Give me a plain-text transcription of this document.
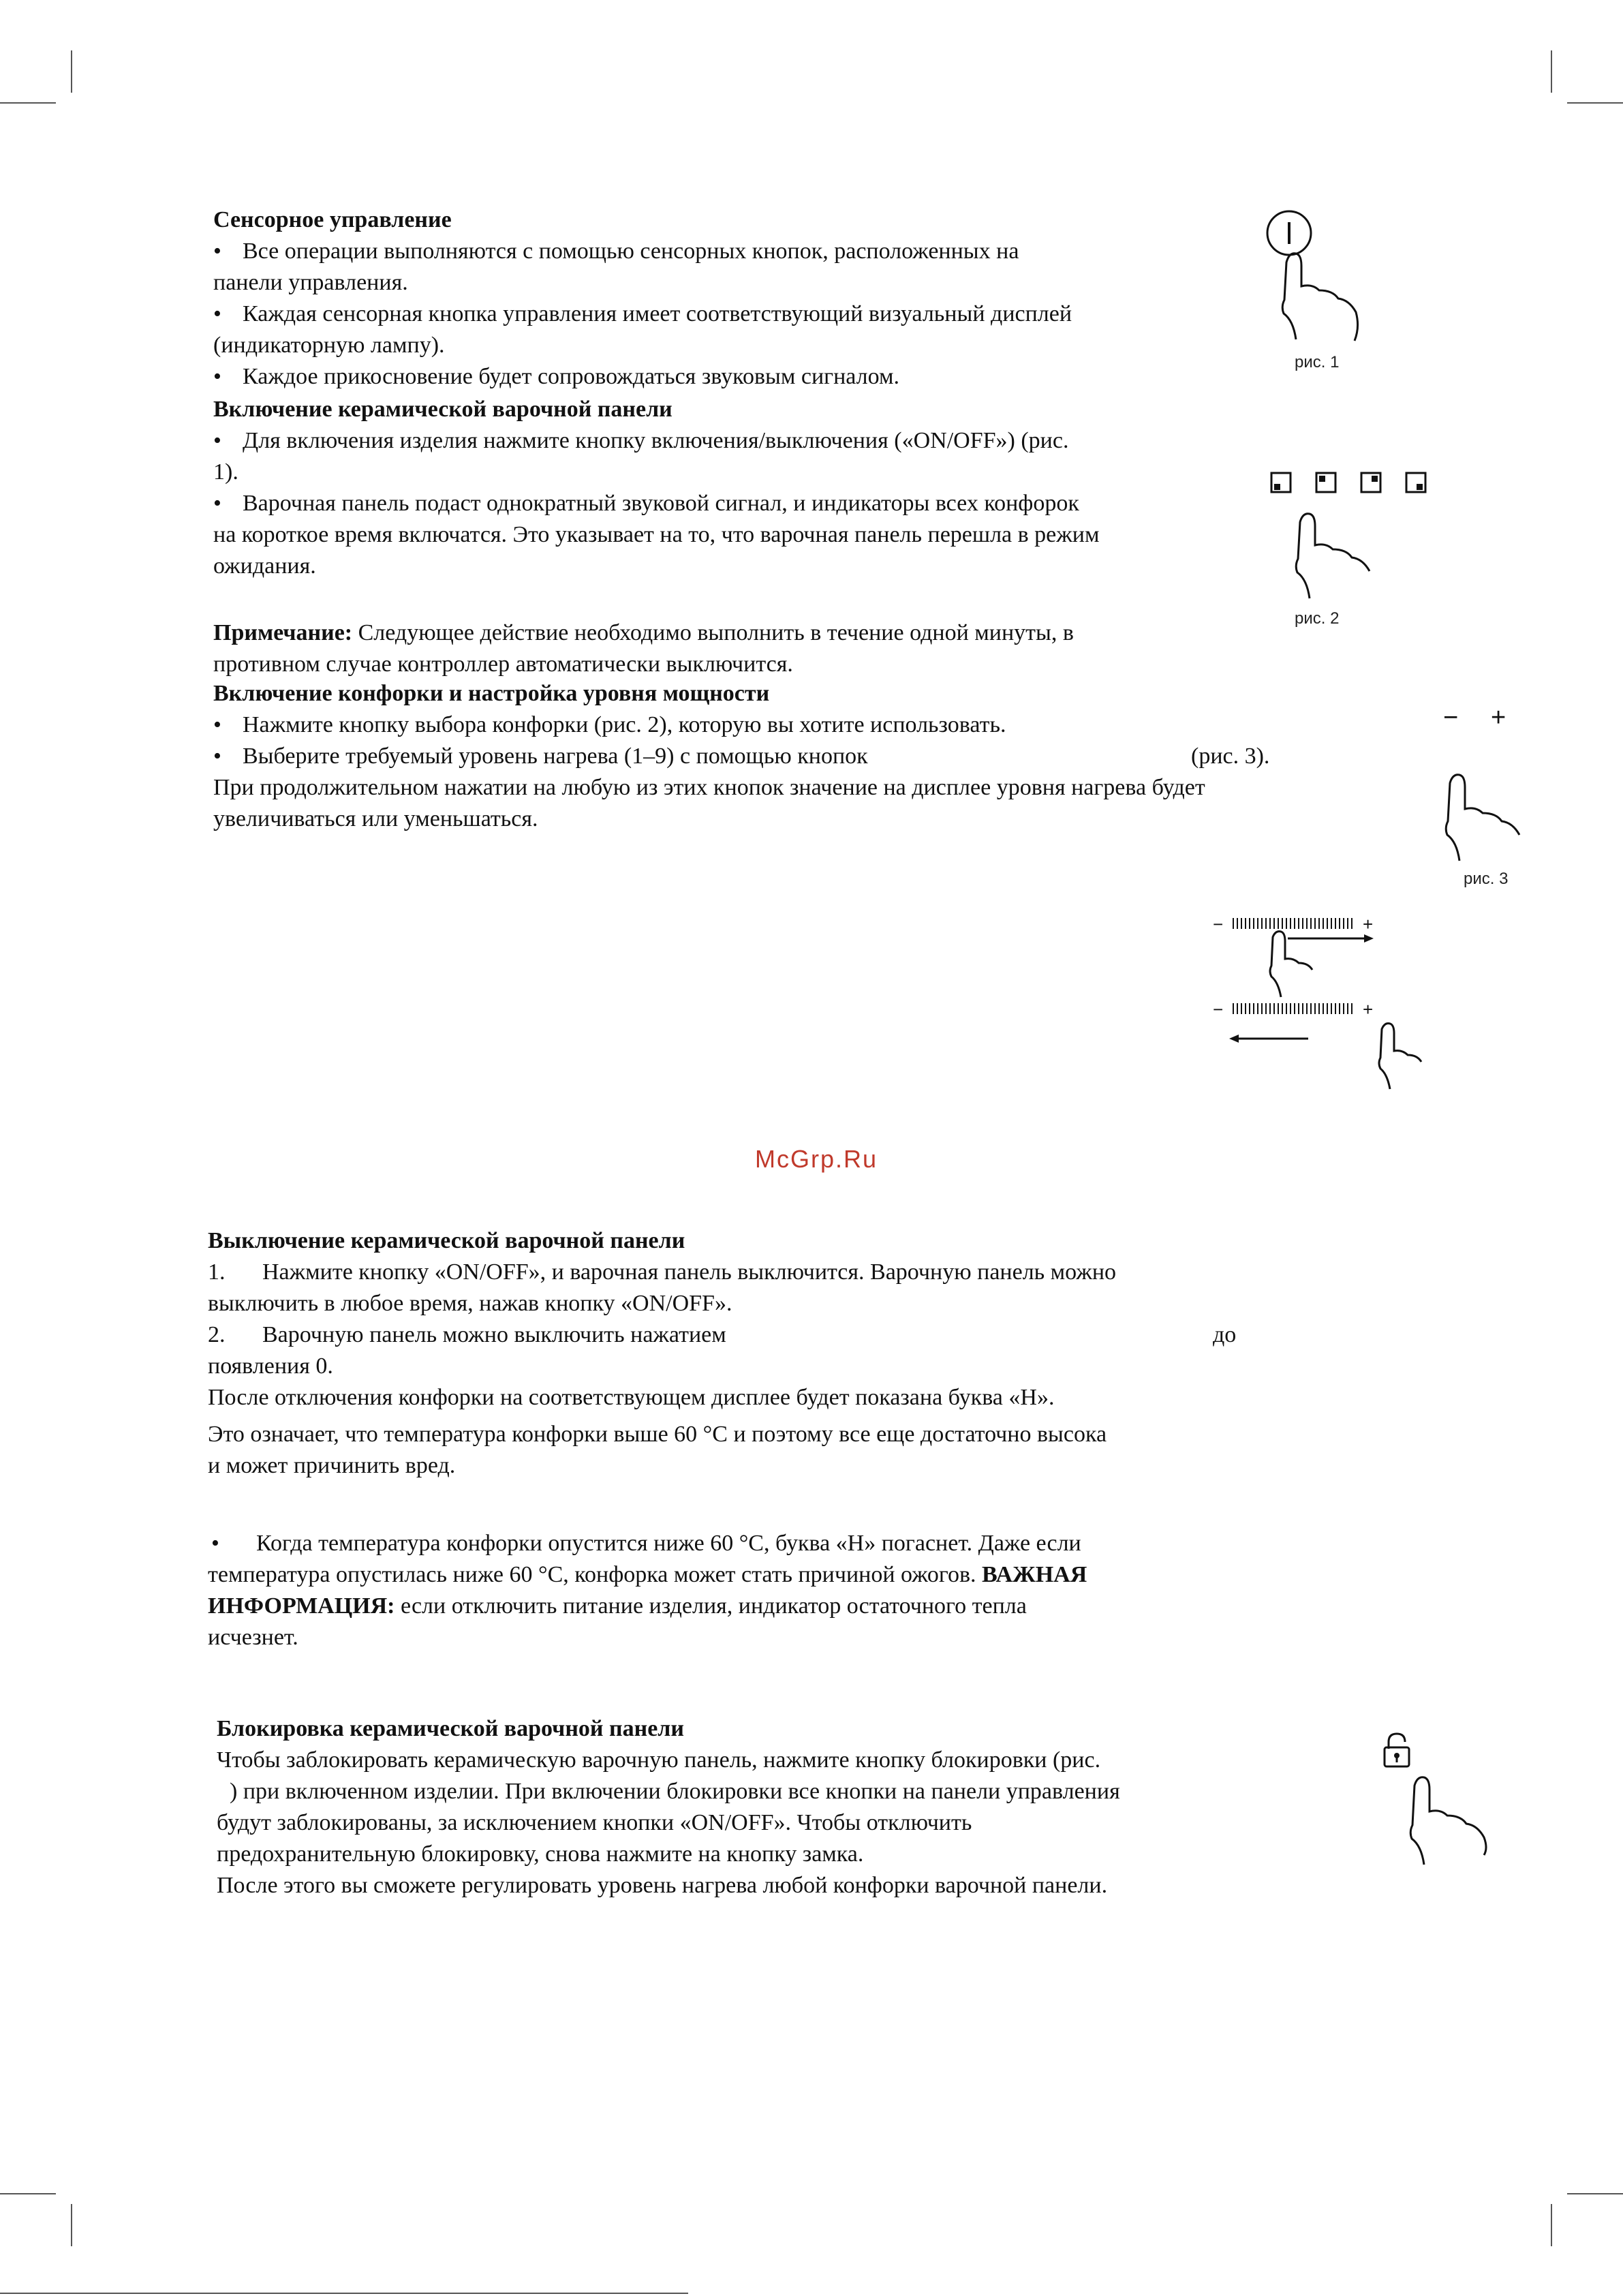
Сенсорное управление
• Все операции выполняются с помощью сенсорных кнопок, расположенных на
панели управления.
• Каждая сенсорная кнопка управления имеет соответствующий визуальный дисплей
(индикаторную лампу).
• Каждое прикосновение будет сопровождаться звуковым сигналом.
Включение керамической варочной панели
• Для включения изделия нажмите кнопку включения/выключения («ON/OFF») (рис.
1).
• Варочная панель подаст однократный звуковой сигнал, и индикаторы всех конфорок
на короткое время включатся. Это указывает на то, что варочная панель перешла в режим
ожидания.
Примечание: Следующее действие необходимо выполнить в течение одной минуты, в
противном случае контроллер автоматически выключится.
Включение конфорки и настройка уровня мощности
• Нажмите кнопку выбора конфорки (рис. 2), которую вы хотите использовать.
• Выберите требуемый уровень нагрева (1–9) с помощью кнопок	(рис. 3).
При продолжительном нажатии на любую из этих кнопок значение на дисплее уровня нагрева будет
увеличиваться или уменьшаться.
McGrp.Ru
Выключение керамической варочной панели
1. Нажмите кнопку «ON/OFF», и варочная панель выключится. Варочную панель можно
выключить в любое время, нажав кнопку «ON/OFF».
2. Варочную панель можно выключить нажатием	до
появления 0.
После отключения конфорки на соответствующем дисплее будет показана буква «H».
Это означает, что температура конфорки выше 60 °C и поэтому все еще достаточно высока
и может причинить вред.
• Когда температура конфорки опустится ниже 60 °C, буква «H» погаснет. Даже если
температура опустилась ниже 60 °C, конфорка может стать причиной ожогов. ВАЖНАЯ
ИНФОРМАЦИЯ: если отключить питание изделия, индикатор остаточного тепла
исчезнет.
Блокировка керамической варочной панели
Чтобы заблокировать керамическую варочную панель, нажмите кнопку блокировки (рис.
) при включенном изделии. При включении блокировки все кнопки на панели управления
будут заблокированы, за исключением кнопки «ON/OFF». Чтобы отключить
предохранительную блокировку, снова нажмите на кнопку замка.
После этого вы сможете регулировать уровень нагрева любой конфорки варочной панели.
рис. 1
рис. 2
− +
рис. 3
−	+
−	+
